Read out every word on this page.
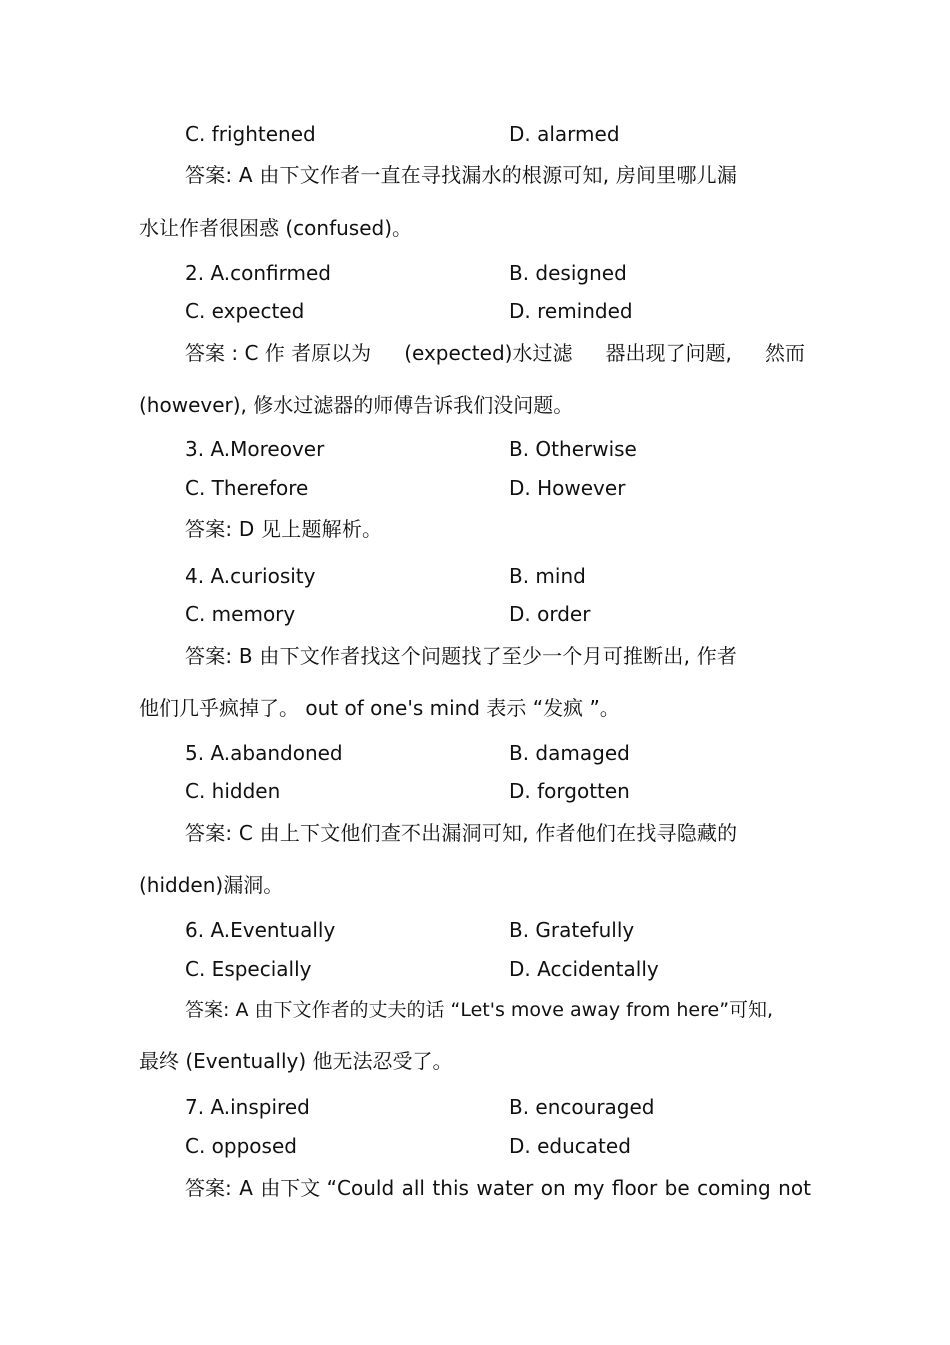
C. frightened	D. alarmed
答案: A 由下文作者一直在寻找漏水的根源可知, 房间里哪儿漏
水让作者很困惑 (confused)。
2. A.confirmed	B. designed
C. expected	D. reminded
答案 : C 作 者原以为 (expected)水过滤 器出现了问题, 然而
(however), 修水过滤器的师傅告诉我们没问题。
3. A.Moreover	B. Otherwise
C. Therefore	D. However
答案: D 见上题解析。
4. A.curiosity	B. mind
C. memory	D. order
答案: B 由下文作者找这个问题找了至少一个月可推断出, 作者
他们几乎疯掉了。 out of one's mind 表示 “发疯 ”。
5. A.abandoned	B. damaged
C. hidden	D. forgotten
答案: C 由上下文他们查不出漏洞可知, 作者他们在找寻隐藏的
(hidden)漏洞。
6. A.Eventually	B. Gratefully
C. Especially	D. Accidentally
答案: A 由下文作者的丈夫的话 “Let's move away from here”可知,
最终 (Eventually) 他无法忍受了。
7. A.inspired	B. encouraged
C. opposed	D. educated
答案: A 由下文 “Could all this water on my floor be coming not
